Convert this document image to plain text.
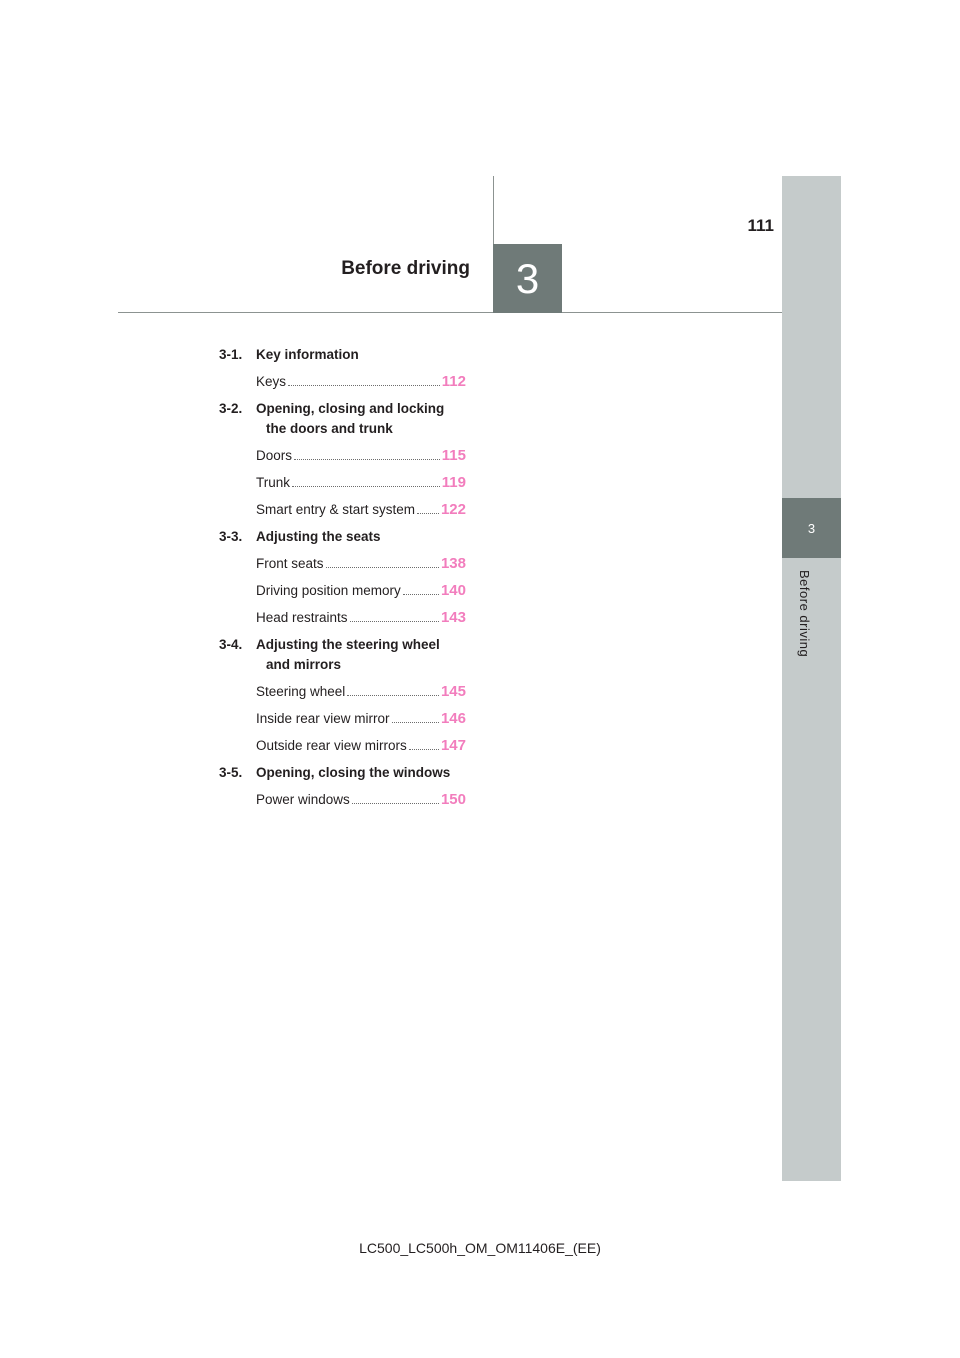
3
Before driving
3
Before driving
111
3-1. Key information
Keys	112
3-2. Opening, closing and locking the doors and trunk
Doors	115
Trunk	119
Smart entry & start system 122
3-3. Adjusting the seats
Front seats	138
Driving position memory	140
Head restraints	143
3-4. Adjusting the steering wheel and mirrors
Steering wheel	145
Inside rear view mirror	146
Outside rear view mirrors 147
3-5. Opening, closing the windows
Power windows	150
LC500_LC500h_OM_OM11406E_(EE)
